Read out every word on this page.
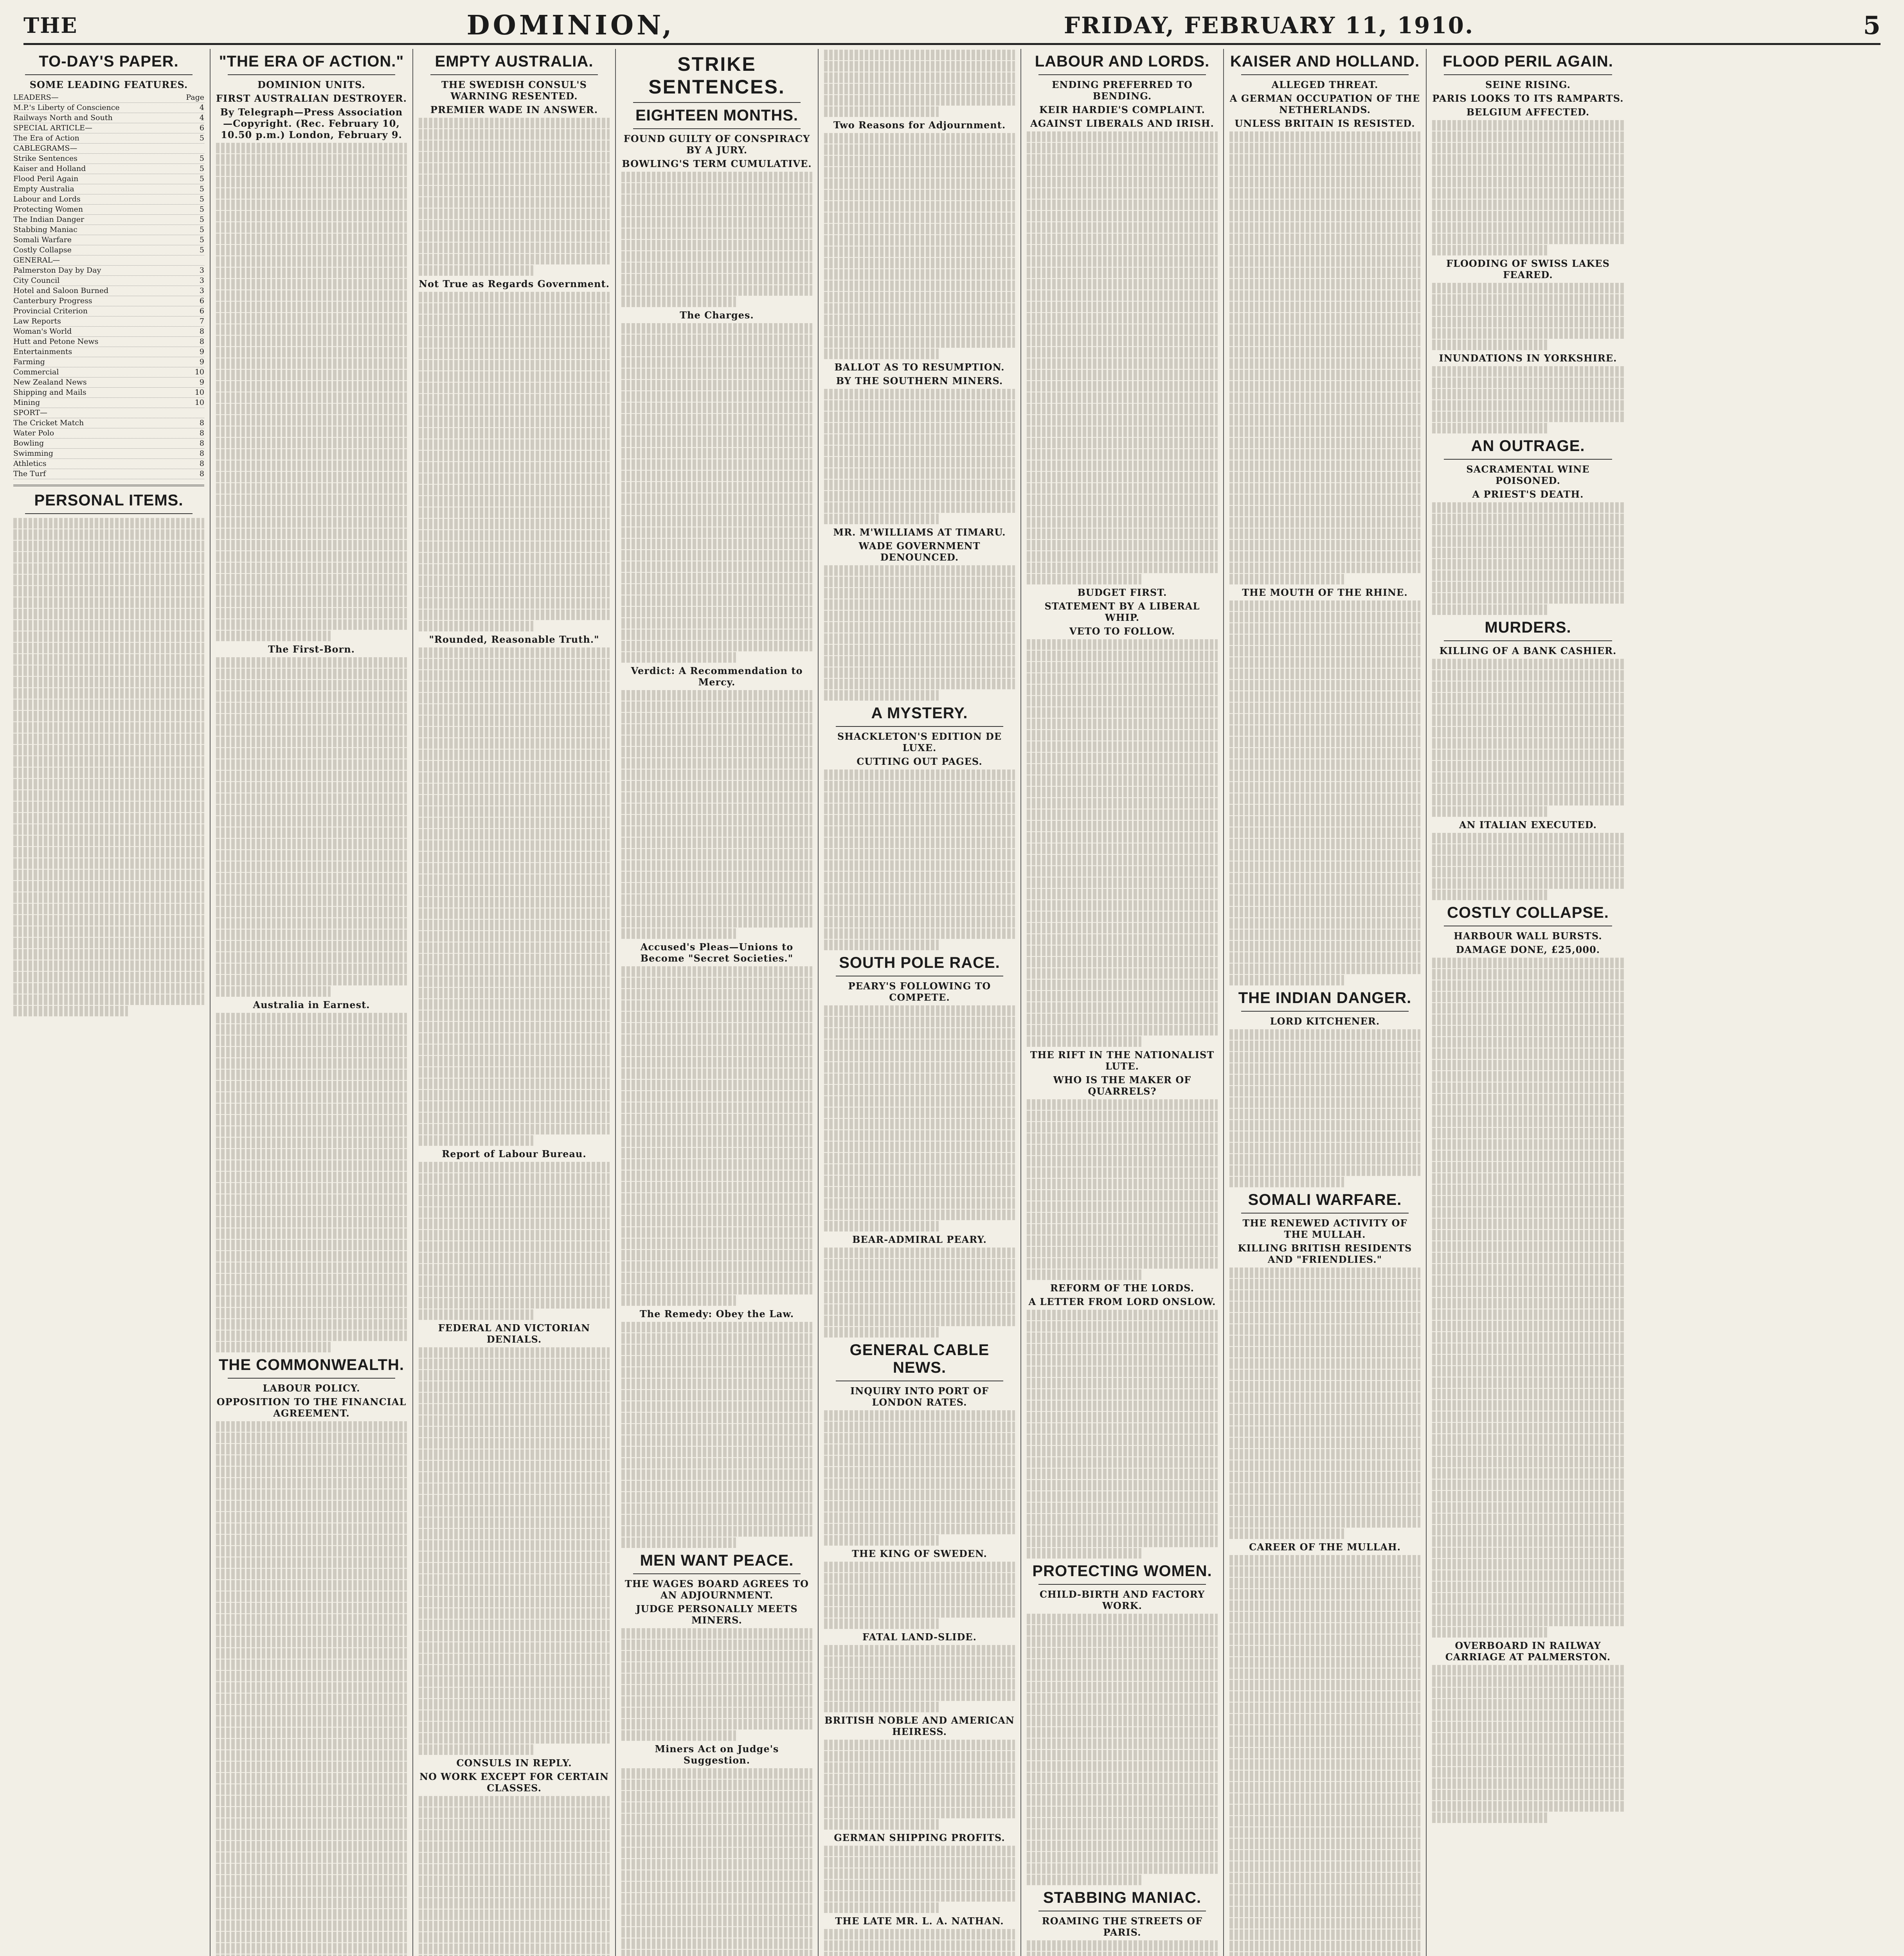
THE	DOMINION,	FRIDAY, FEBRUARY 11, 1910.	5
TO-DAY'S PAPER.
SOME LEADING FEATURES.
LEADERS—	Page
M.P.'s Liberty of Conscience	4
Railways North and South	4
SPECIAL ARTICLE—	6
The Era of Action	5
CABLEGRAMS—
Strike Sentences	5
Kaiser and Holland	5
Flood Peril Again	5
Empty Australia	5
Labour and Lords	5
Protecting Women	5
The Indian Danger	5
Stabbing Maniac	5
Somali Warfare	5
Costly Collapse	5
GENERAL—
Palmerston Day by Day	3
City Council	3
Hotel and Saloon Burned	3
Canterbury Progress	6
Provincial Criterion	6
Law Reports	7
Woman's World	8
Hutt and Petone News	8
Entertainments	9
Farming	9
Commercial	10
New Zealand News	9
Shipping and Mails	10
Mining	10
SPORT—
The Cricket Match	8
Water Polo	8
Bowling	8
Swimming	8
Athletics	8
The Turf	8
PERSONAL ITEMS.
"THE ERA OF ACTION."
DOMINION UNITS.
FIRST AUSTRALIAN DESTROYER.
By Telegraph—Press Association—Copyright. (Rec. February 10, 10.50 p.m.) London, February 9.
The First-Born.
Australia in Earnest.
THE COMMONWEALTH.
LABOUR POLICY.
OPPOSITION TO THE FINANCIAL AGREEMENT.
EMPTY AUSTRALIA.
THE SWEDISH CONSUL'S WARNING RESENTED.
PREMIER WADE IN ANSWER.
Not True as Regards Government.
"Rounded, Reasonable Truth."
Report of Labour Bureau.
FEDERAL AND VICTORIAN DENIALS.
CONSULS IN REPLY.
NO WORK EXCEPT FOR CERTAIN CLASSES.
STRIKE SENTENCES.
EIGHTEEN MONTHS.
FOUND GUILTY OF CONSPIRACY BY A JURY.
BOWLING'S TERM CUMULATIVE.
The Charges.
Verdict: A Recommendation to Mercy.
Accused's Pleas—Unions to Become "Secret Societies."
The Remedy: Obey the Law.
MEN WANT PEACE.
THE WAGES BOARD AGREES TO AN ADJOURNMENT.
JUDGE PERSONALLY MEETS MINERS.
Miners Act on Judge's Suggestion.
Two Reasons for Adjournment.
BALLOT AS TO RESUMPTION.
BY THE SOUTHERN MINERS.
MR. M'WILLIAMS AT TIMARU.
WADE GOVERNMENT DENOUNCED.
A MYSTERY.
SHACKLETON'S EDITION DE LUXE.
CUTTING OUT PAGES.
SOUTH POLE RACE.
PEARY'S FOLLOWING TO COMPETE.
BEAR-ADMIRAL PEARY.
GENERAL CABLE NEWS.
INQUIRY INTO PORT OF LONDON RATES.
THE KING OF SWEDEN.
FATAL LAND-SLIDE.
BRITISH NOBLE AND AMERICAN HEIRESS.
GERMAN SHIPPING PROFITS.
THE LATE MR. L. A. NATHAN.
LABOUR AND LORDS.
ENDING PREFERRED TO BENDING.
KEIR HARDIE'S COMPLAINT.
AGAINST LIBERALS AND IRISH.
BUDGET FIRST.
STATEMENT BY A LIBERAL WHIP.
VETO TO FOLLOW.
THE RIFT IN THE NATIONALIST LUTE.
WHO IS THE MAKER OF QUARRELS?
REFORM OF THE LORDS.
A LETTER FROM LORD ONSLOW.
PROTECTING WOMEN.
CHILD-BIRTH AND FACTORY WORK.
STABBING MANIAC.
ROAMING THE STREETS OF PARIS.
KAISER AND HOLLAND.
ALLEGED THREAT.
A GERMAN OCCUPATION OF THE NETHERLANDS.
UNLESS BRITAIN IS RESISTED.
THE MOUTH OF THE RHINE.
THE INDIAN DANGER.
LORD KITCHENER.
SOMALI WARFARE.
THE RENEWED ACTIVITY OF THE MULLAH.
KILLING BRITISH RESIDENTS AND "FRIENDLIES."
CAREER OF THE MULLAH.
FLOOD PERIL AGAIN.
SEINE RISING.
PARIS LOOKS TO ITS RAMPARTS.
BELGIUM AFFECTED.
FLOODING OF SWISS LAKES FEARED.
INUNDATIONS IN YORKSHIRE.
AN OUTRAGE.
SACRAMENTAL WINE POISONED.
A PRIEST'S DEATH.
MURDERS.
KILLING OF A BANK CASHIER.
AN ITALIAN EXECUTED.
COSTLY COLLAPSE.
HARBOUR WALL BURSTS.
DAMAGE DONE, £25,000.
OVERBOARD IN RAILWAY CARRIAGE AT PALMERSTON.
